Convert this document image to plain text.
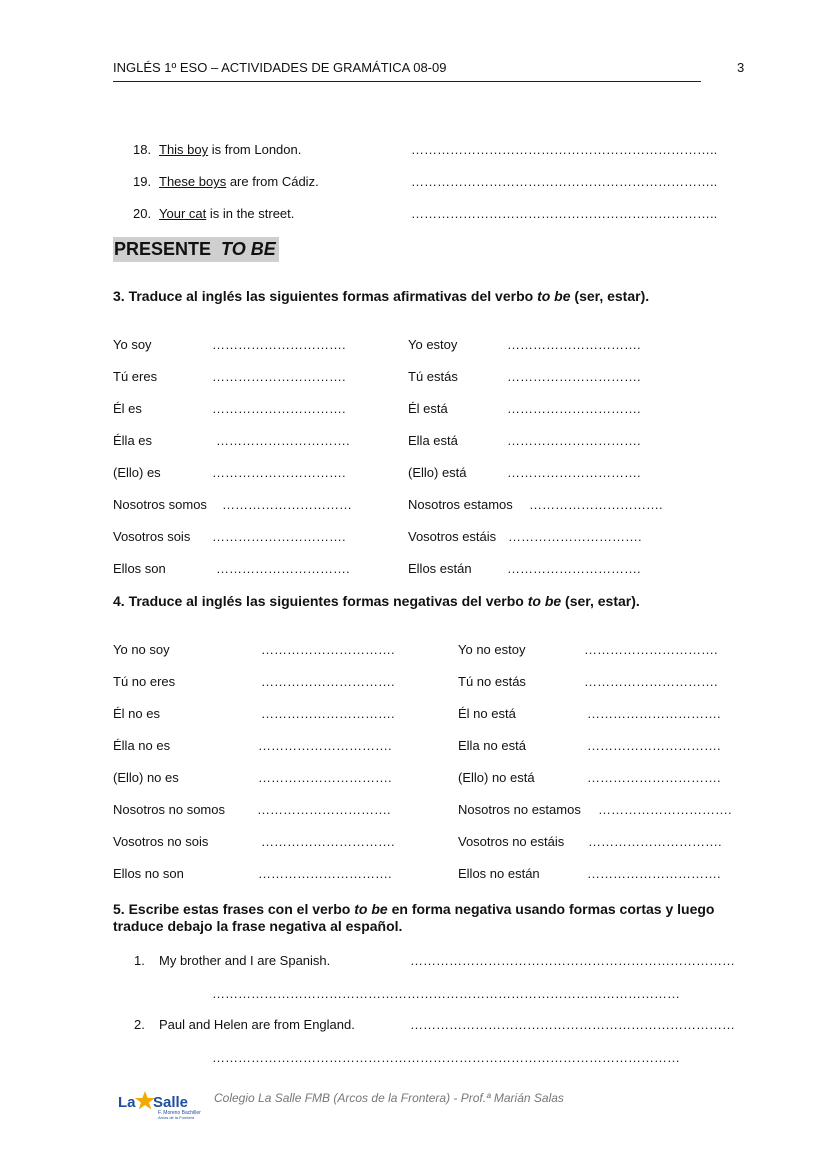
INGLÉS 1º ESO – ACTIVIDADES DE GRAMÁTICA 08-09	3
18. This boy is from London.	……………………………………………………………..
19. These boys are from Cádiz.	……………………………………………………………..
20. Your cat is in the street.	……………………………………………………………..
PRESENTE  TO BE
3. Traduce al inglés las siguientes formas afirmativas del verbo to be (ser, estar).
Yo soy	………………………….	Yo estoy	………………………….
Tú eres	………………………….	Tú estás	………………………….
Él es	………………………….	Él está	………………………….
Élla es	………………………….	Ella está	………………………….
(Ello) es	………………………….	(Ello) está	………………………….
Nosotros somos …………………………	Nosotros estamos ………………………….
Vosotros sois ………………………….	Vosotros estáis ………………………….
Ellos son	………………………….	Ellos están	………………………….
4. Traduce al inglés las siguientes formas negativas del verbo to be (ser, estar).
Yo no soy	………………………….	Yo no estoy	………………………….
Tú no eres	………………………….	Tú no estás	………………………….
Él no es	………………………….	Él no está	………………………….
Élla no es	………………………….	Ella no está	………………………….
(Ello) no es	………………………….	(Ello) no está	………………………….
Nosotros no somos ………………………….	Nosotros no estamos ………………………….
Vosotros no sois	………………………….	Vosotros no estáis ………………………….
Ellos no son	………………………….	Ellos no están	………………………….
5. Escribe estas frases con el verbo to be en forma negativa usando formas cortas y luego
traduce debajo la frase negativa al español.
1. My brother and I are Spanish.	…………………………………………………………………
………………………………………………………………………………………………
2. Paul and Helen are from England.	…………………………………………………………………
………………………………………………………………………………………………
La Salle
F. Moreno Bachiller
Arcos de la Frontera
Colegio La Salle FMB (Arcos de la Frontera) - Prof.ª Marián Salas
